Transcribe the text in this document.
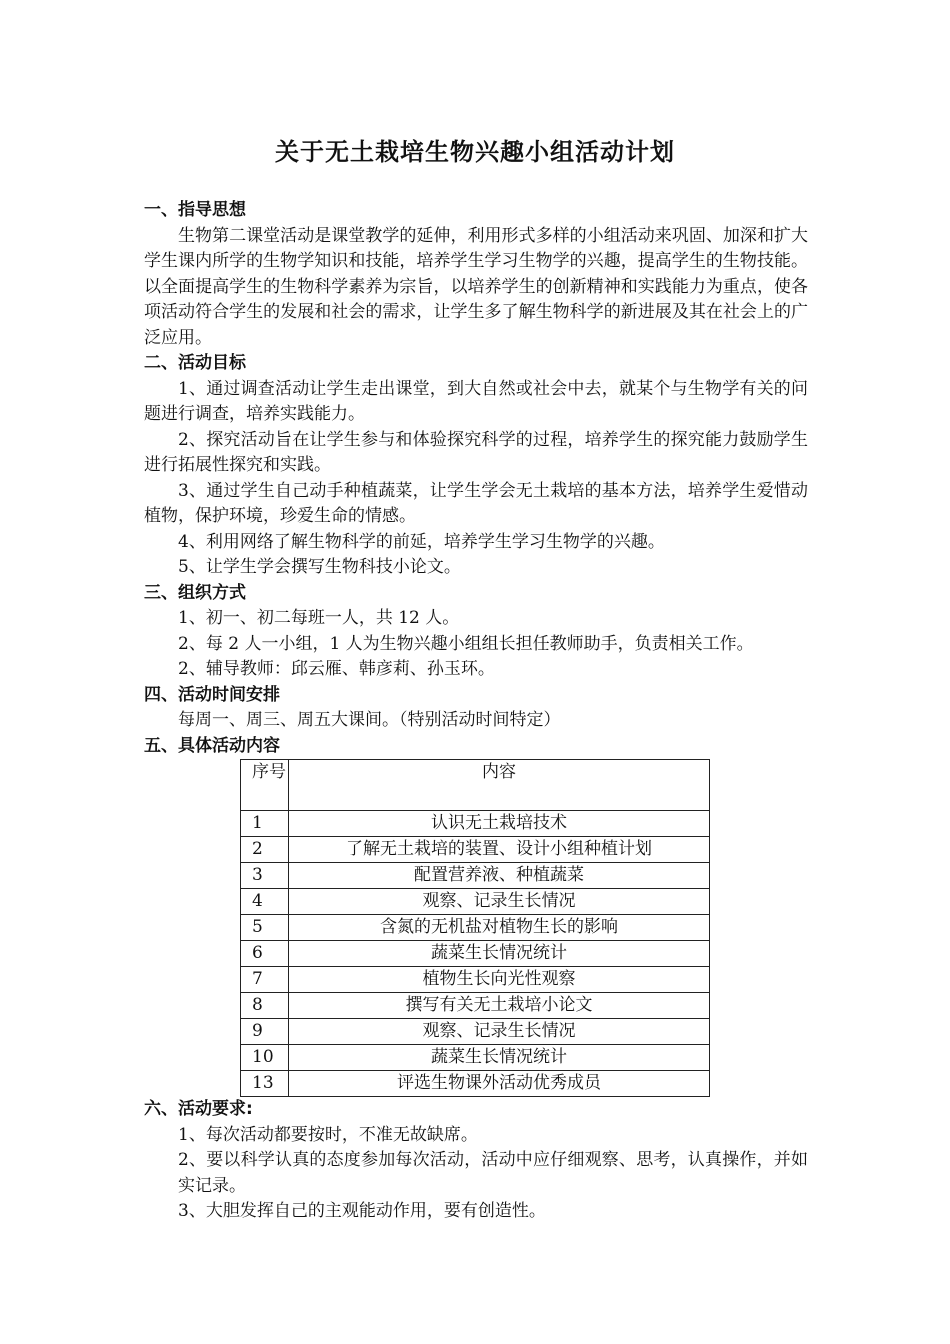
关于无土栽培生物兴趣小组活动计划
一、指导思想

生物第二课堂活动是课堂教学的延伸，利用形式多样的小组活动来巩固、加深和扩大学生课内所学的生物学知识和技能，培养学生学习生物学的兴趣，提高学生的生物技能。以全面提高学生的生物科学素养为宗旨，以培养学生的创新精神和实践能力为重点，使各项活动符合学生的发展和社会的需求，让学生多了解生物科学的新进展及其在社会上的广泛应用。

二、活动目标

1、通过调查活动让学生走出课堂，到大自然或社会中去，就某个与生物学有关的问题进行调查，培养实践能力。

2、探究活动旨在让学生参与和体验探究科学的过程，培养学生的探究能力鼓励学生进行拓展性探究和实践。

3、通过学生自己动手种植蔬菜，让学生学会无土栽培的基本方法，培养学生爱惜动植物，保护环境，珍爱生命的情感。

4、利用网络了解生物科学的前延，培养学生学习生物学的兴趣。

5、让学生学会撰写生物科技小论文。

三、组织方式

1、初一、初二每班一人，共 12 人。

2、每 2 人一小组，1 人为生物兴趣小组组长担任教师助手，负责相关工作。

2、辅导教师：邱云雁、韩彦莉、孙玉环。

四、活动时间安排

每周一、周三、周五大课间。（特别活动时间特定）

五、具体活动内容
序号	内容
1	认识无土栽培技术
2	了解无土栽培的装置、设计小组种植计划
3	配置营养液、种植蔬菜
4	观察、记录生长情况
5	含氮的无机盐对植物生长的影响
6	蔬菜生长情况统计
7	植物生长向光性观察
8	撰写有关无土栽培小论文
9	观察、记录生长情况
10	蔬菜生长情况统计
13	评选生物课外活动优秀成员
六、活动要求:

1、每次活动都要按时，不准无故缺席。

2、要以科学认真的态度参加每次活动，活动中应仔细观察、思考，认真操作，并如实记录。

3、大胆发挥自己的主观能动作用，要有创造性。
